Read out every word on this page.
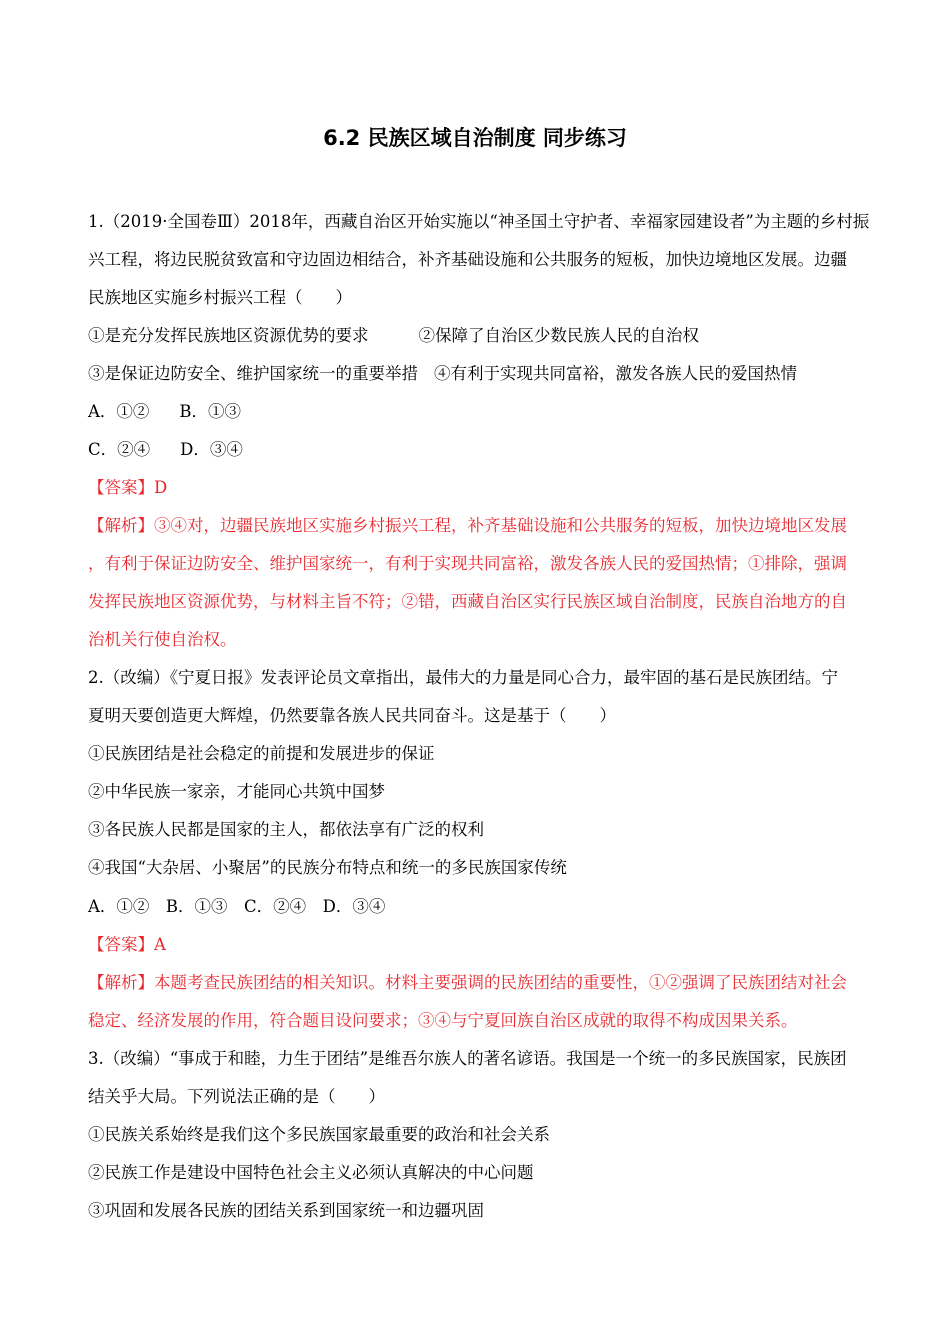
6.2 民族区域自治制度 同步练习
1.（2019·全国卷Ⅲ）2018年，西藏自治区开始实施以“神圣国土守护者、幸福家园建设者”为主题的乡村振
兴工程，将边民脱贫致富和守边固边相结合，补齐基础设施和公共服务的短板，加快边境地区发展。边疆
民族地区实施乡村振兴工程（　　）
①是充分发挥民族地区资源优势的要求	②保障了自治区少数民族人民的自治权
③是保证边防安全、维护国家统一的重要举措 ④有利于实现共同富裕，激发各族人民的爱国热情
A．①② B．①③
C．②④ D．③④
【答案】D
【解析】③④对，边疆民族地区实施乡村振兴工程，补齐基础设施和公共服务的短板，加快边境地区发展
，有利于保证边防安全、维护国家统一，有利于实现共同富裕，激发各族人民的爱国热情；①排除，强调
发挥民族地区资源优势，与材料主旨不符；②错，西藏自治区实行民族区域自治制度，民族自治地方的自
治机关行使自治权。
2.（改编）《宁夏日报》发表评论员文章指出，最伟大的力量是同心合力，最牢固的基石是民族团结。宁
夏明天要创造更大辉煌，仍然要靠各族人民共同奋斗。这是基于（　　）
①民族团结是社会稳定的前提和发展进步的保证
②中华民族一家亲，才能同心共筑中国梦
③各民族人民都是国家的主人，都依法享有广泛的权利
④我国“大杂居、小聚居”的民族分布特点和统一的多民族国家传统
A．①②　B．①③　C．②④　D．③④
【答案】A
【解析】本题考查民族团结的相关知识。材料主要强调的民族团结的重要性，①②强调了民族团结对社会
稳定、经济发展的作用，符合题目设问要求；③④与宁夏回族自治区成就的取得不构成因果关系。
3.（改编）“事成于和睦，力生于团结”是维吾尔族人的著名谚语。我国是一个统一的多民族国家，民族团
结关乎大局。下列说法正确的是（　　）
①民族关系始终是我们这个多民族国家最重要的政治和社会关系
②民族工作是建设中国特色社会主义必须认真解决的中心问题
③巩固和发展各民族的团结关系到国家统一和边疆巩固
